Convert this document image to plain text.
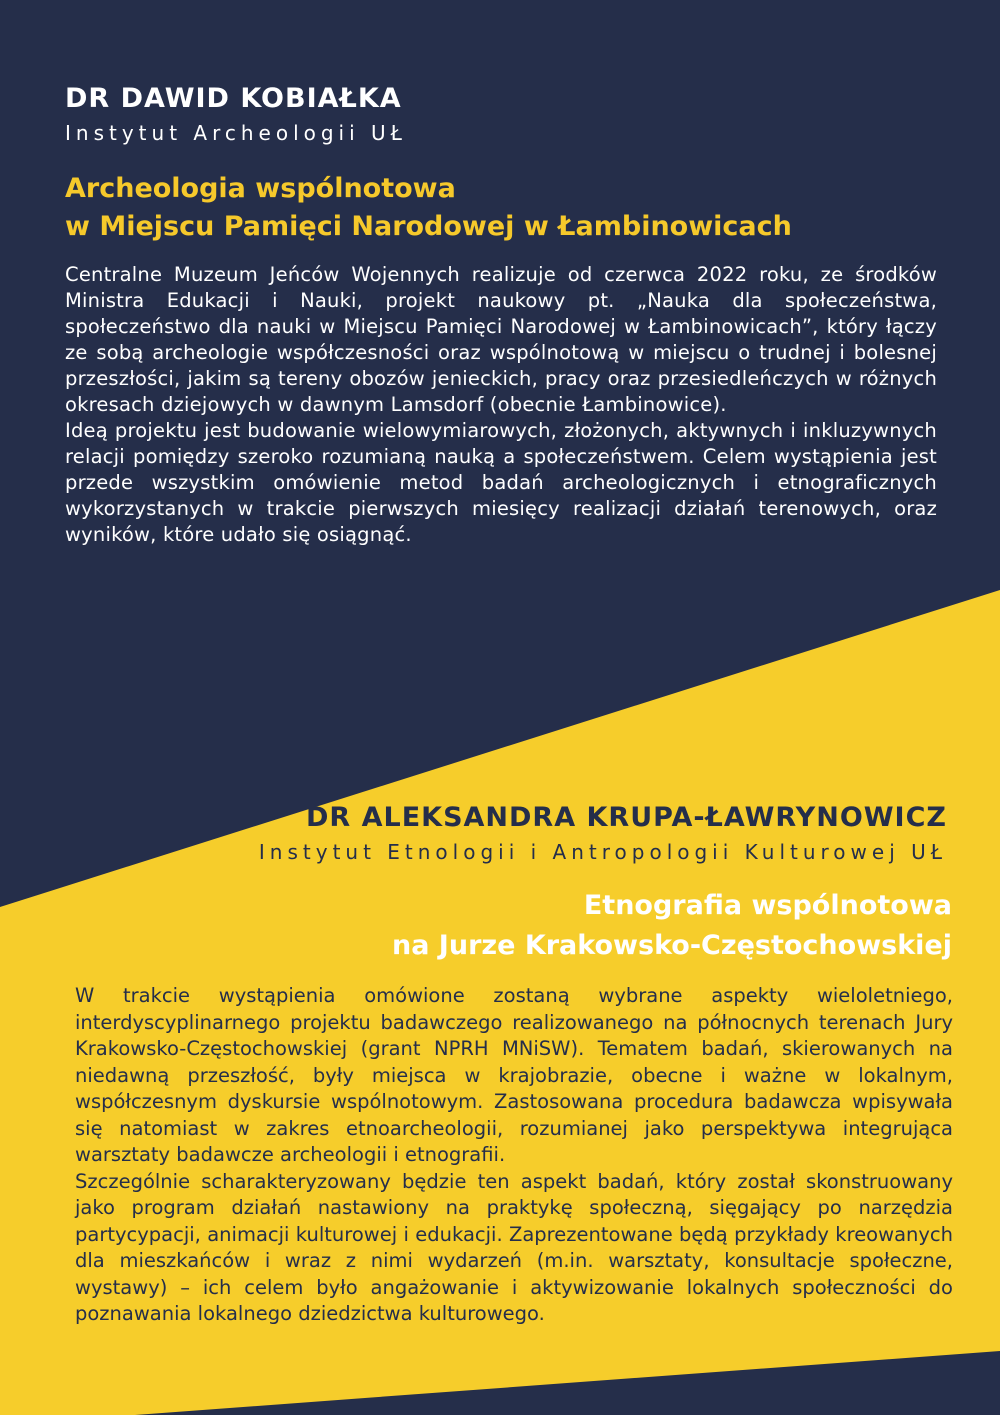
DR DAWID KOBIAŁKA
Instytut Archeologii UŁ
Archeologia wspólnotowa
w Miejscu Pamięci Narodowej w Łambinowicach

Centralne Muzeum Jeńców Wojennych realizuje od czerwca 2022 roku, ze środków Ministra Edukacji i Nauki, projekt naukowy pt. „Nauka dla społeczeństwa, społeczeństwo dla nauki w Miejscu Pamięci Narodowej w Łambinowicach”, który łączy ze sobą archeologie współczesności oraz wspólnotową w miejscu o trudnej i bolesnej przeszłości, jakim są tereny obozów jenieckich, pracy oraz przesiedleńczych w różnych okresach dziejowych w dawnym Lamsdorf (obecnie Łambinowice).

Ideą projektu jest budowanie wielowymiarowych, złożonych, aktywnych i inkluzywnych relacji pomiędzy szeroko rozumianą nauką a społeczeństwem. Celem wystąpienia jest przede wszystkim omówienie metod badań archeologicznych i etnograficznych wykorzystanych w trakcie pierwszych miesięcy realizacji działań terenowych, oraz wyników, które udało się osiągnąć.

DR ALEKSANDRA KRUPA-ŁAWRYNOWICZ
Instytut Etnologii i Antropologii Kulturowej UŁ
Etnografia wspólnotowa
na Jurze Krakowsko-Częstochowskiej

W trakcie wystąpienia omówione zostaną wybrane aspekty wieloletniego, interdyscyplinarnego projektu badawczego realizowanego na północnych terenach Jury Krakowsko-Częstochowskiej (grant NPRH MNiSW). Tematem badań, skierowanych na niedawną przeszłość, były miejsca w krajobrazie, obecne i ważne w lokalnym, współczesnym dyskursie wspólnotowym. Zastosowana procedura badawcza wpisywała się natomiast w zakres etnoarcheologii, rozumianej jako perspektywa integrująca warsztaty badawcze archeologii i etnografii.

Szczególnie scharakteryzowany będzie ten aspekt badań, który został skonstruowany jako program działań nastawiony na praktykę społeczną, sięgający po narzędzia partycypacji, animacji kulturowej i edukacji. Zaprezentowane będą przykłady kreowanych dla mieszkańców i wraz z nimi wydarzeń (m.in. warsztaty, konsultacje społeczne, wystawy) – ich celem było angażowanie i aktywizowanie lokalnych społeczności do poznawania lokalnego dziedzictwa kulturowego.
